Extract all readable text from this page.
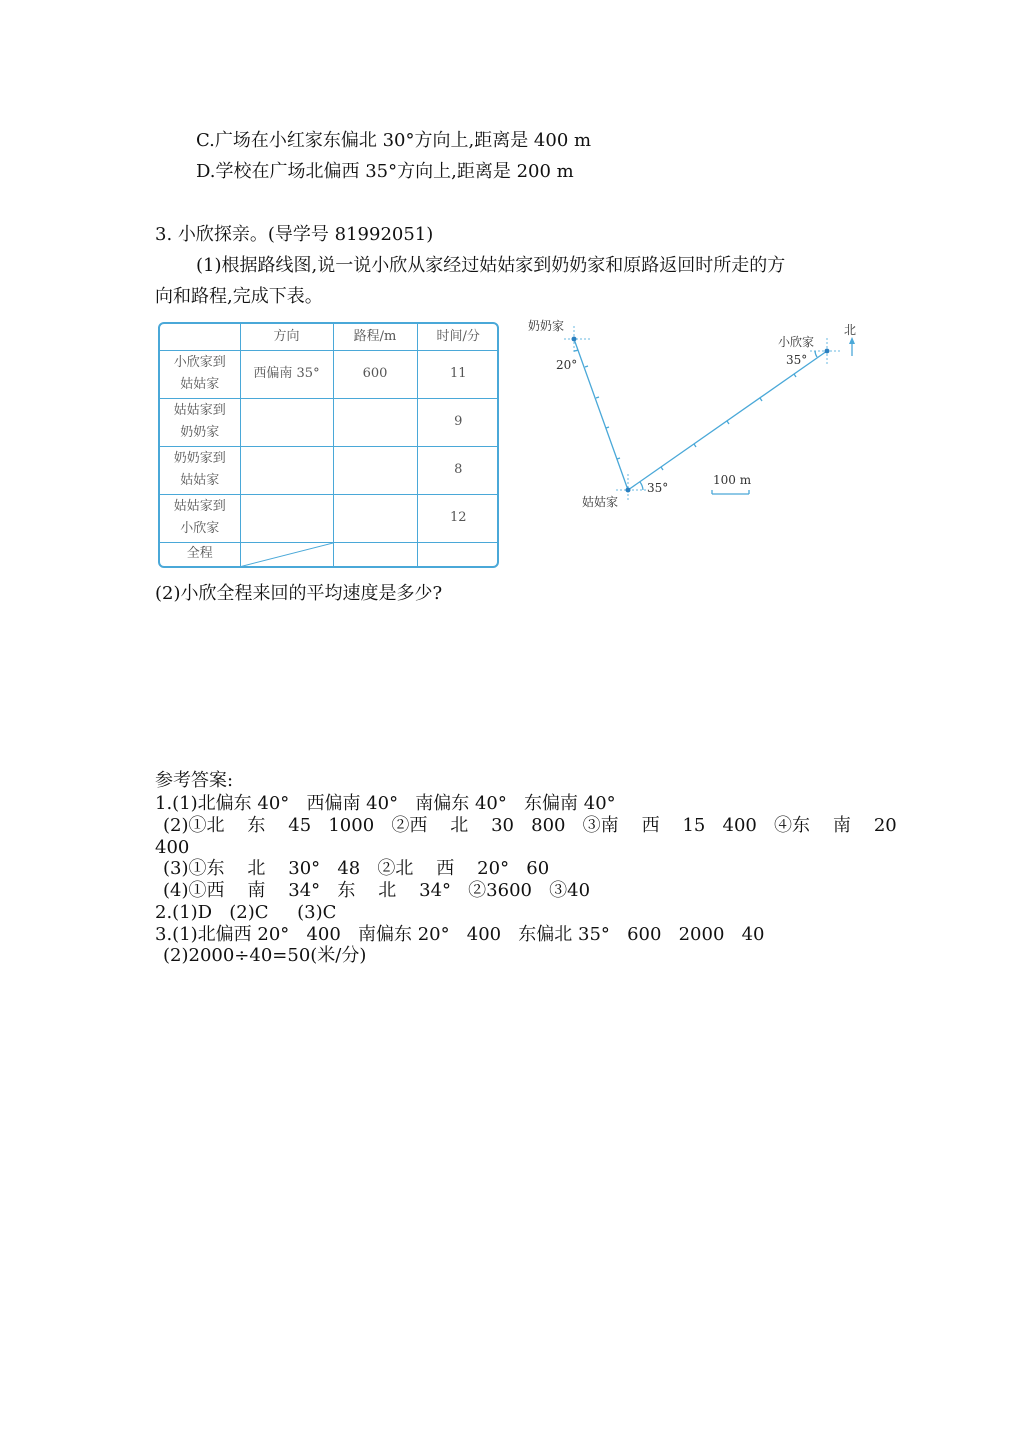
C.广场在小红家东偏北 30°方向上,距离是 400 m
D.学校在广场北偏西 35°方向上,距离是 200 m
3. 小欣探亲。(导学号 81992051)
(1)根据路线图,说一说小欣从家经过姑姑家到奶奶家和原路返回时所走的方
向和路程,完成下表。
	方向	路程/m	时间/分

小欣家到
姑姑家	西偏南 35°	600	11

姑姑家到
奶奶家			9

奶奶家到
姑姑家			8

姑姑家到
小欣家			12
全程	

奶奶家
20°
姑姑家
35°
小欣家
35°
北
100 m
(2)小欣全程来回的平均速度是多少?
参考答案:
1.(1)北偏东 40°   西偏南 40°   南偏东 40°   东偏南 40°
(2)①北    东    45   1000   ②西    北    30   800   ③南    西    15   400   ④东    南    20
400
(3)①东    北    30°   48   ②北    西    20°   60
(4)①西    南    34°   东    北    34°   ②3600   ③40
2.(1)D   (2)C     (3)C
3.(1)北偏西 20°   400   南偏东 20°   400   东偏北 35°   600   2000   40
(2)2000÷40=50(米/分)
